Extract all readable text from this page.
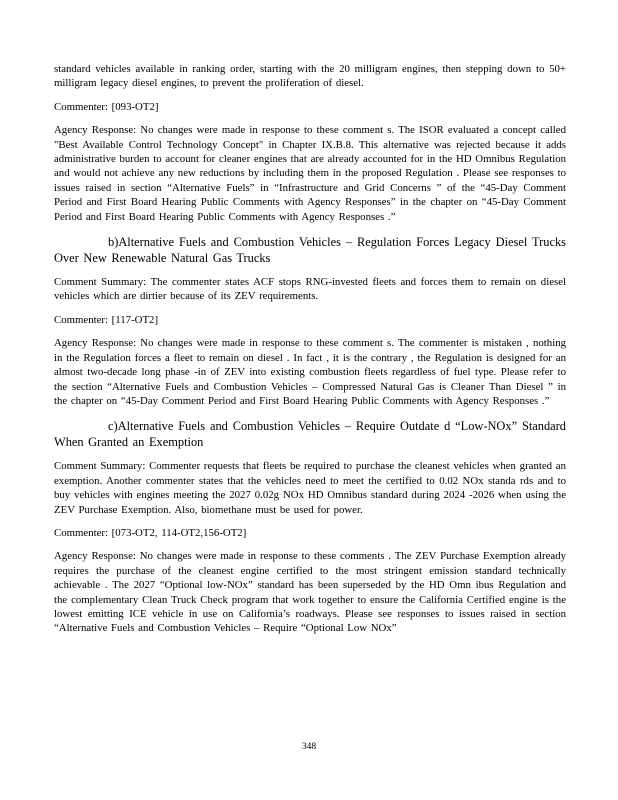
standard vehicles available in ranking order, starting with the 20 milligram engines, then stepping down to 50+ milligram legacy diesel engines, to prevent the proliferation of diesel.

Commenter: [093-OT2]

Agency Response: No changes were made in response to these comment s. The ISOR evaluated a concept called "Best Available Control Technology Concept" in Chapter IX.B.8. This alternative was rejected because it adds administrative burden to account for cleaner engines that are already accounted for in the HD Omnibus Regulation and would not achieve any new reductions by including them in the proposed Regulation . Please see responses to issues raised in section “Alternative Fuels” in “Infrastructure and Grid Concerns ” of the “45-Day Comment Period and First Board Hearing Public Comments with Agency Responses” in the chapter on “45-Day Comment Period and First Board Hearing Public Comments with Agency Responses .”

b)Alternative Fuels and Combustion Vehicles – Regulation Forces Legacy Diesel Trucks Over New Renewable Natural Gas Trucks

Comment Summary: The commenter states ACF stops RNG-invested fleets and forces them to remain on diesel vehicles which are dirtier because of its ZEV requirements.

Commenter: [117-OT2]

Agency Response: No changes were made in response to these comment s. The commenter is mistaken , nothing in the Regulation forces a fleet to remain on diesel . In fact , it is the contrary , the Regulation is designed for an almost two-decade long phase -in of ZEV into existing combustion fleets regardless of fuel type. Please refer to the section “Alternative Fuels and Combustion Vehicles – Compressed Natural Gas is Cleaner Than Diesel ” in the chapter on “45-Day Comment Period and First Board Hearing Public Comments with Agency Responses .”

c)Alternative Fuels and Combustion Vehicles – Require Outdate d “Low-NOx” Standard When Granted an Exemption

Comment Summary: Commenter requests that fleets be required to purchase the cleanest vehicles when granted an exemption. Another commenter states that the vehicles need to meet the certified to 0.02 NOx standa rds and to buy vehicles with engines meeting the 2027 0.02g NOx HD Omnibus standard during 2024 -2026 when using the ZEV Purchase Exemption. Also, biomethane must be used for power.

Commenter: [073-OT2, 114-OT2,156-OT2]

Agency Response: No changes were made in response to these comments . The ZEV Purchase Exemption already requires the purchase of the cleanest engine certified to the most stringent emission standard technically achievable . The 2027 “Optional low-NOx” standard has been superseded by the HD Omn ibus Regulation and the complementary Clean Truck Check program that work together to ensure the California Certified engine is the lowest emitting ICE vehicle in use on California’s roadways. Please see responses to issues raised in section “Alternative Fuels and Combustion Vehicles – Require “Optional Low NOx”

348
